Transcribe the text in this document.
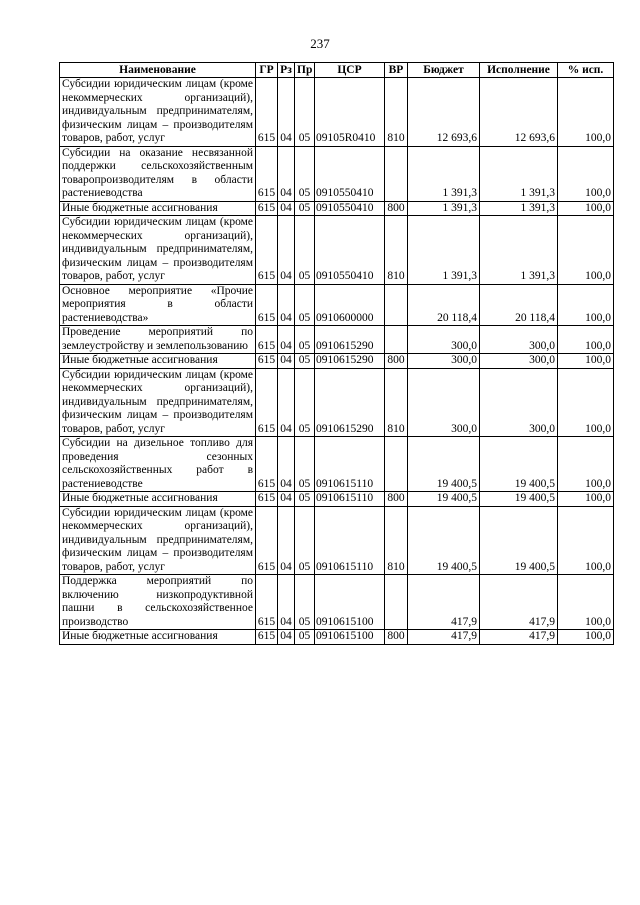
237
Наименование	ГР	Рз	Пр	ЦСР	ВР	Бюджет	Исполнение	% исп.
Субсидии юридическим лицам (кроме некоммерческих организаций), индивидуальным предпринимателям, физическим лицам – производителям товаров, работ, услуг	615	04	05	09105R0410	810	12 693,6	12 693,6	100,0
Субсидии на оказание несвязанной поддержки сельскохозяйственным товаропроизводителям в области растениеводства	615	04	05	0910550410		1 391,3	1 391,3	100,0
Иные бюджетные ассигнования	615	04	05	0910550410	800	1 391,3	1 391,3	100,0
Субсидии юридическим лицам (кроме некоммерческих организаций), индивидуальным предпринимателям, физическим лицам – производителям товаров, работ, услуг	615	04	05	0910550410	810	1 391,3	1 391,3	100,0
Основное мероприятие «Прочие мероприятия в области растениеводства»	615	04	05	0910600000		20 118,4	20 118,4	100,0
Проведение мероприятий по землеустройству и землепользованию	615	04	05	0910615290		300,0	300,0	100,0
Иные бюджетные ассигнования	615	04	05	0910615290	800	300,0	300,0	100,0
Субсидии юридическим лицам (кроме некоммерческих организаций), индивидуальным предпринимателям, физическим лицам – производителям товаров, работ, услуг	615	04	05	0910615290	810	300,0	300,0	100,0
Субсидии на дизельное топливо для проведения сезонных сельскохозяйственных работ в растениеводстве	615	04	05	0910615110		19 400,5	19 400,5	100,0
Иные бюджетные ассигнования	615	04	05	0910615110	800	19 400,5	19 400,5	100,0
Субсидии юридическим лицам (кроме некоммерческих организаций), индивидуальным предпринимателям, физическим лицам – производителям товаров, работ, услуг	615	04	05	0910615110	810	19 400,5	19 400,5	100,0
Поддержка мероприятий по включению низкопродуктивной пашни в сельскохозяйственное производство	615	04	05	0910615100		417,9	417,9	100,0
Иные бюджетные ассигнования	615	04	05	0910615100	800	417,9	417,9	100,0
